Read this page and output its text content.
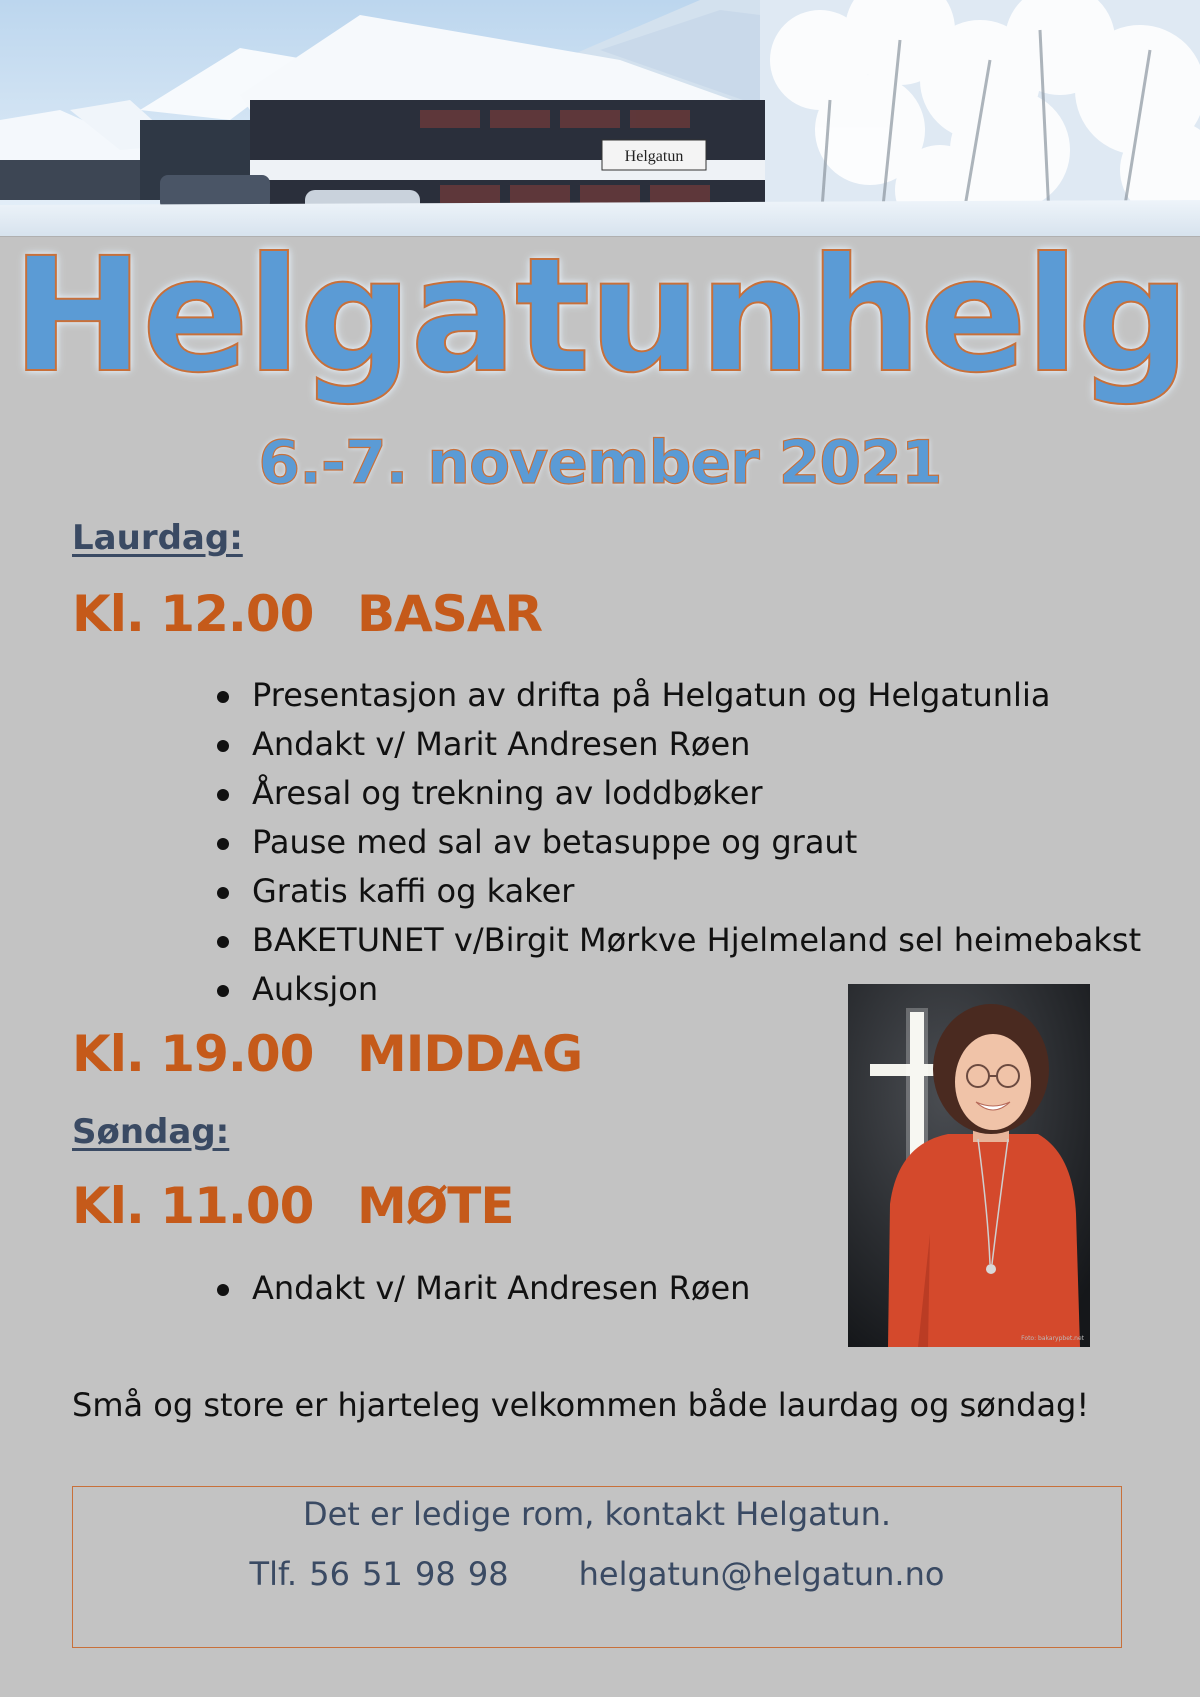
Helgatun
Helgatunhelg
6.-7. november 2021
Laurdag:
Kl. 12.00 BASAR
Presentasjon av drifta på Helgatun og Helgatunlia
Andakt v/ Marit Andresen Røen
Åresal og trekning av loddbøker
Pause med sal av betasuppe og graut
Gratis kaffi og kaker
BAKETUNET v/Birgit Mørkve Hjelmeland sel heimebakst
Auksjon
Kl. 19.00 MIDDAG
Søndag:
Kl. 11.00 MØTE
Andakt v/ Marit Andresen Røen
Foto: bakarypbet.net
Små og store er hjarteleg velkommen både laurdag og søndag!
Det er ledige rom, kontakt Helgatun.
Tlf. 56 51 98 98 helgatun@helgatun.no
